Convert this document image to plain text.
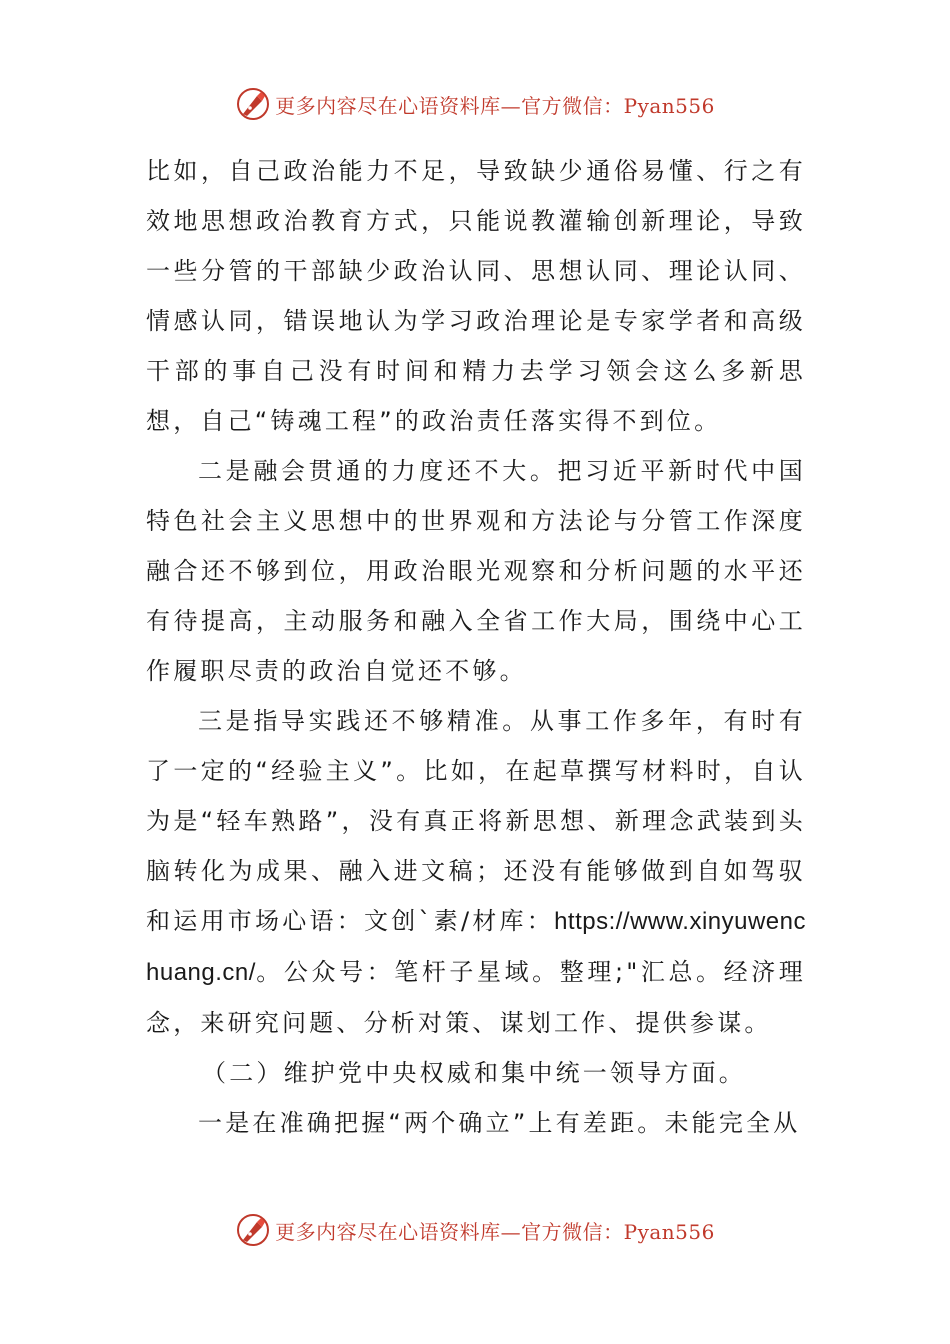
更多内容尽在心语资料库—官方微信：Pyan556

比如，自己政治能力不足，导致缺少通俗易懂、行之有效地思想政治教育方式，只能说教灌输创新理论，导致一些分管的干部缺少政治认同、思想认同、理论认同、情感认同，错误地认为学习政治理论是专家学者和高级干部的事自己没有时间和精力去学习领会这么多新思想，自己“铸魂工程”的政治责任落实得不到位。

二是融会贯通的力度还不大。把习近平新时代中国特色社会主义思想中的世界观和方法论与分管工作深度融合还不够到位，用政治眼光观察和分析问题的水平还有待提高，主动服务和融入全省工作大局，围绕中心工作履职尽责的政治自觉还不够。

三是指导实践还不够精准。从事工作多年，有时有了一定的“经验主义”。比如，在起草撰写材料时，自认为是“轻车熟路”，没有真正将新思想、新理念武装到头脑转化为成果、融入进文稿；还没有能够做到自如驾驭和运用市场心语：文创`素/材库：https://www.xinyuwenchuang.cn/。公众号：笔杆子星域。整理;"汇总。经济理念，来研究问题、分析对策、谋划工作、提供参谋。

（二）维护党中央权威和集中统一领导方面。

一是在准确把握“两个确立”上有差距。未能完全从

更多内容尽在心语资料库—官方微信：Pyan556
